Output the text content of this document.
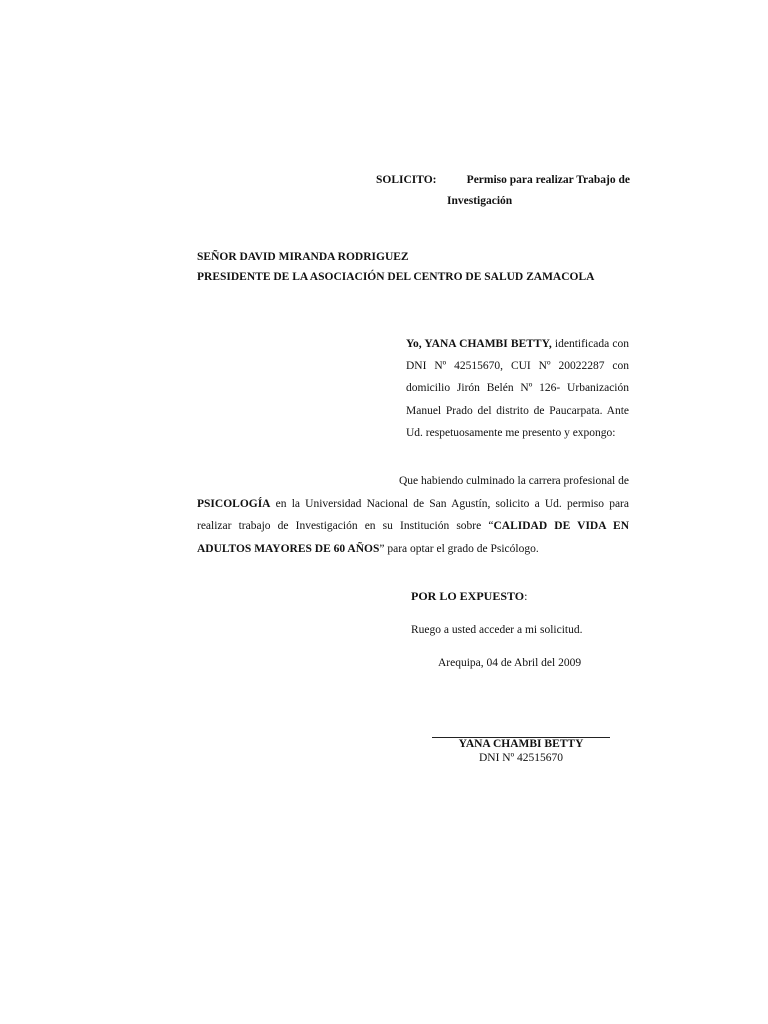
SOLICITO:	Permiso para realizar Trabajo de
Investigación
SEÑOR DAVID MIRANDA RODRIGUEZ
PRESIDENTE DE LA ASOCIACIÓN DEL CENTRO DE SALUD ZAMACOLA
Yo, YANA CHAMBI BETTY, identificada con DNI Nº 42515670, CUI Nº 20022287 con domicilio Jirón Belén Nº 126- Urbanización Manuel Prado del distrito de Paucarpata. Ante Ud. respetuosamente me presento y expongo:
Que habiendo culminado la carrera profesional de PSICOLOGÍA en la Universidad Nacional de San Agustín, solicito a Ud. permiso para realizar trabajo de Investigación en su Institución sobre “CALIDAD DE VIDA EN ADULTOS MAYORES DE 60 AÑOS” para optar el grado de Psicólogo.
POR LO EXPUESTO:
Ruego a usted acceder a mi solicitud.
Arequipa, 04 de Abril del 2009
YANA CHAMBI BETTY
DNI Nº 42515670
